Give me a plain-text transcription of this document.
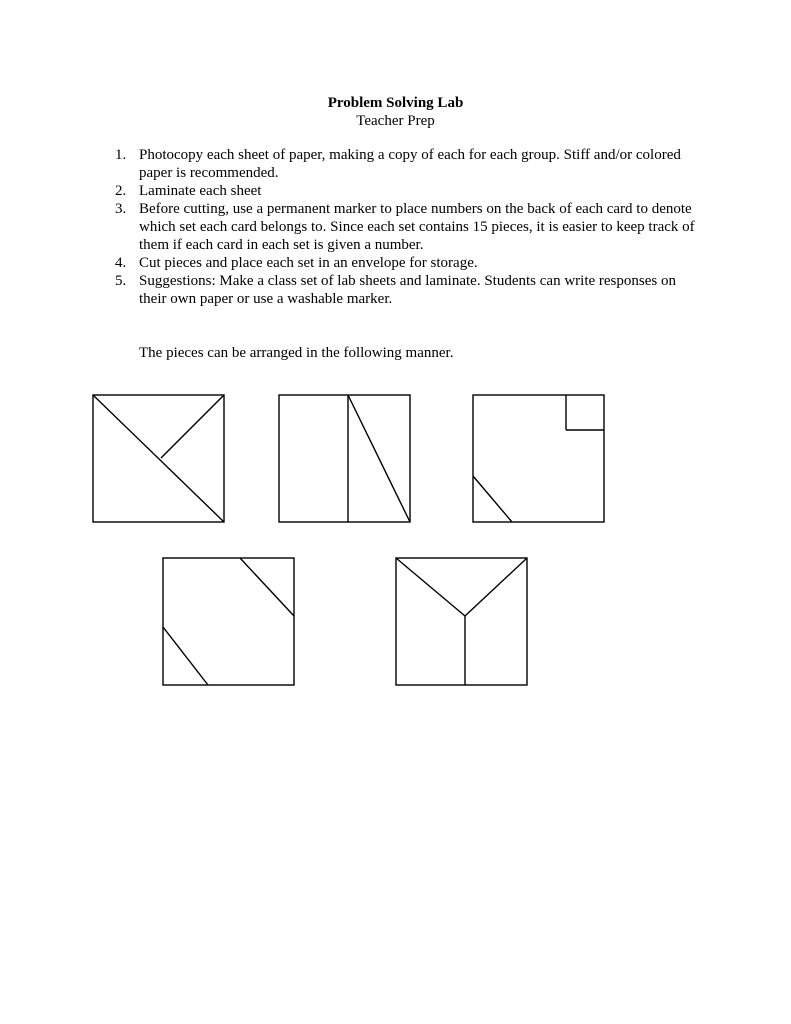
Problem Solving Lab
Teacher Prep
1. Photocopy each sheet of paper, making a copy of each for each group. Stiff and/or colored paper is recommended.
2. Laminate each sheet
3. Before cutting, use a permanent marker to place numbers on the back of each card to denote which set each card belongs to. Since each set contains 15 pieces, it is easier to keep track of them if each card in each set is given a number.
4. Cut pieces and place each set in an envelope for storage.
5. Suggestions: Make a class set of lab sheets and laminate. Students can write responses on their own paper or use a washable marker.
The pieces can be arranged in the following manner.
